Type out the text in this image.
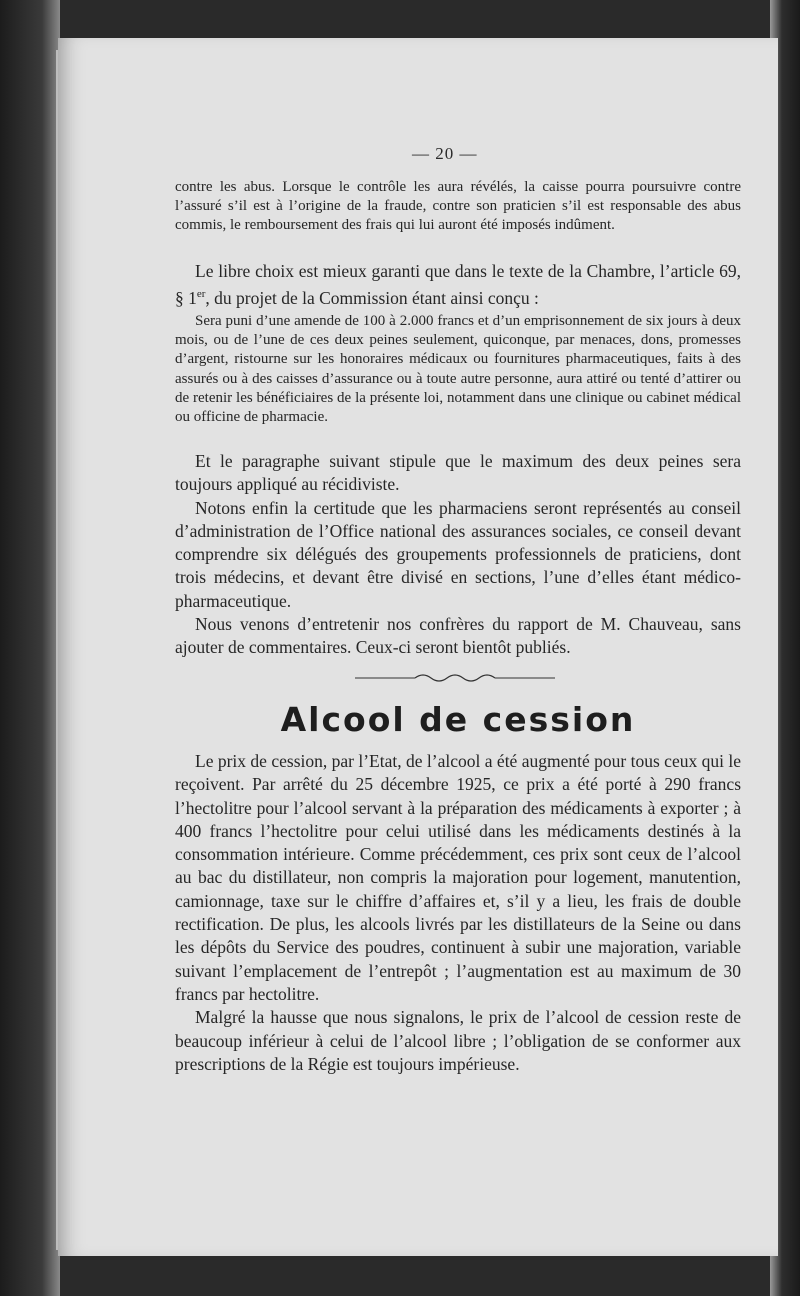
— 20 —

contre les abus. Lorsque le contrôle les aura révélés, la caisse pourra poursuivre contre l’assuré s’il est à l’origine de la fraude, contre son praticien s’il est responsable des abus commis, le remboursement des frais qui lui auront été imposés indûment.

Le libre choix est mieux garanti que dans le texte de la Chambre, l’article 69, § 1er, du projet de la Commission étant ainsi conçu :

Sera puni d’une amende de 100 à 2.000 francs et d’un emprisonnement de six jours à deux mois, ou de l’une de ces deux peines seulement, quiconque, par menaces, dons, promesses d’argent, ristourne sur les honoraires médicaux ou fournitures pharmaceutiques, faits à des assurés ou à des caisses d’assurance ou à toute autre personne, aura attiré ou tenté d’attirer ou de retenir les bénéficiaires de la présente loi, notamment dans une clinique ou cabinet médical ou officine de pharmacie.

Et le paragraphe suivant stipule que le maximum des deux peines sera toujours appliqué au récidiviste.

Notons enfin la certitude que les pharmaciens seront représentés au conseil d’administration de l’Office national des assurances sociales, ce conseil devant comprendre six délégués des groupements professionnels de praticiens, dont trois médecins, et devant être divisé en sections, l’une d’elles étant médico-pharmaceutique.

Nous venons d’entretenir nos confrères du rapport de M. Chauveau, sans ajouter de commentaires. Ceux-ci seront bientôt publiés.

Alcool de cession

Le prix de cession, par l’Etat, de l’alcool a été augmenté pour tous ceux qui le reçoivent. Par arrêté du 25 décembre 1925, ce prix a été porté à 290 francs l’hectolitre pour l’alcool servant à la préparation des médicaments à exporter ; à 400 francs l’hectolitre pour celui utilisé dans les médicaments destinés à la consommation intérieure. Comme précédemment, ces prix sont ceux de l’alcool au bac du distillateur, non compris la majoration pour logement, manutention, camionnage, taxe sur le chiffre d’affaires et, s’il y a lieu, les frais de double rectification. De plus, les alcools livrés par les distillateurs de la Seine ou dans les dépôts du Service des poudres, continuent à subir une majoration, variable suivant l’emplacement de l’entrepôt ; l’augmentation est au maximum de 30 francs par hectolitre.

Malgré la hausse que nous signalons, le prix de l’alcool de cession reste de beaucoup inférieur à celui de l’alcool libre ; l’obligation de se conformer aux prescriptions de la Régie est toujours impérieuse.
